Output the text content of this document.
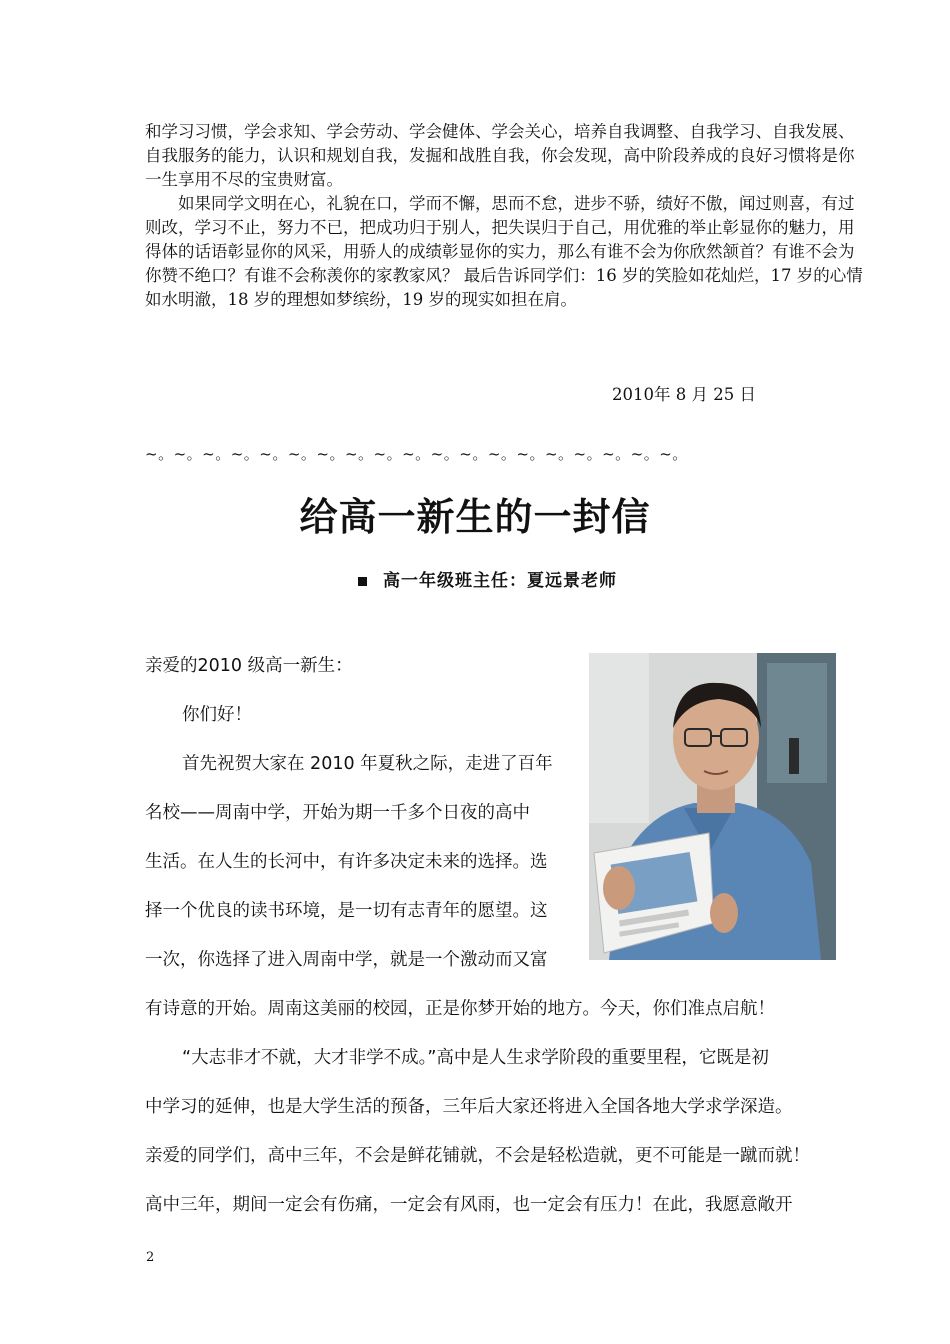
和学习习惯，学会求知、学会劳动、学会健体、学会关心，培养自我调整、自我学习、自我发展、自我服务的能力，认识和规划自我，发掘和战胜自我，你会发现，高中阶段养成的良好习惯将是你一生享用不尽的宝贵财富。

如果同学文明在心，礼貌在口，学而不懈，思而不怠，进步不骄，绩好不傲，闻过则喜，有过则改，学习不止，努力不已，把成功归于别人，把失误归于自己，用优雅的举止彰显你的魅力，用得体的话语彰显你的风采，用骄人的成绩彰显你的实力，那么有谁不会为你欣然颔首？有谁不会为你赞不绝口？有谁不会称羡你的家教家风？ 最后告诉同学们：16 岁的笑脸如花灿烂，17 岁的心情如水明澈，18 岁的理想如梦缤纷，19 岁的现实如担在肩。

2010年 8 月 25 日
~。~。~。~。~。~。~。~。~。~。~。~。~。~。~。~。~。~。~。
给高一新生的一封信
高一年级班主任：夏远景老师

亲爱的2010 级高一新生：

你们好！

首先祝贺大家在 2010 年夏秋之际，走进了百年

名校——周南中学，开始为期一千多个日夜的高中

生活。在人生的长河中，有许多决定未来的选择。选

择一个优良的读书环境，是一切有志青年的愿望。这

一次，你选择了进入周南中学，就是一个激动而又富

有诗意的开始。周南这美丽的校园，正是你梦开始的地方。今天，你们准点启航！

“大志非才不就，大才非学不成。”高中是人生求学阶段的重要里程，它既是初

中学习的延伸，也是大学生活的预备，三年后大家还将进入全国各地大学求学深造。

亲爱的同学们，高中三年，不会是鲜花铺就，不会是轻松造就，更不可能是一蹴而就！

高中三年，期间一定会有伤痛，一定会有风雨，也一定会有压力！在此，我愿意敞开

2
